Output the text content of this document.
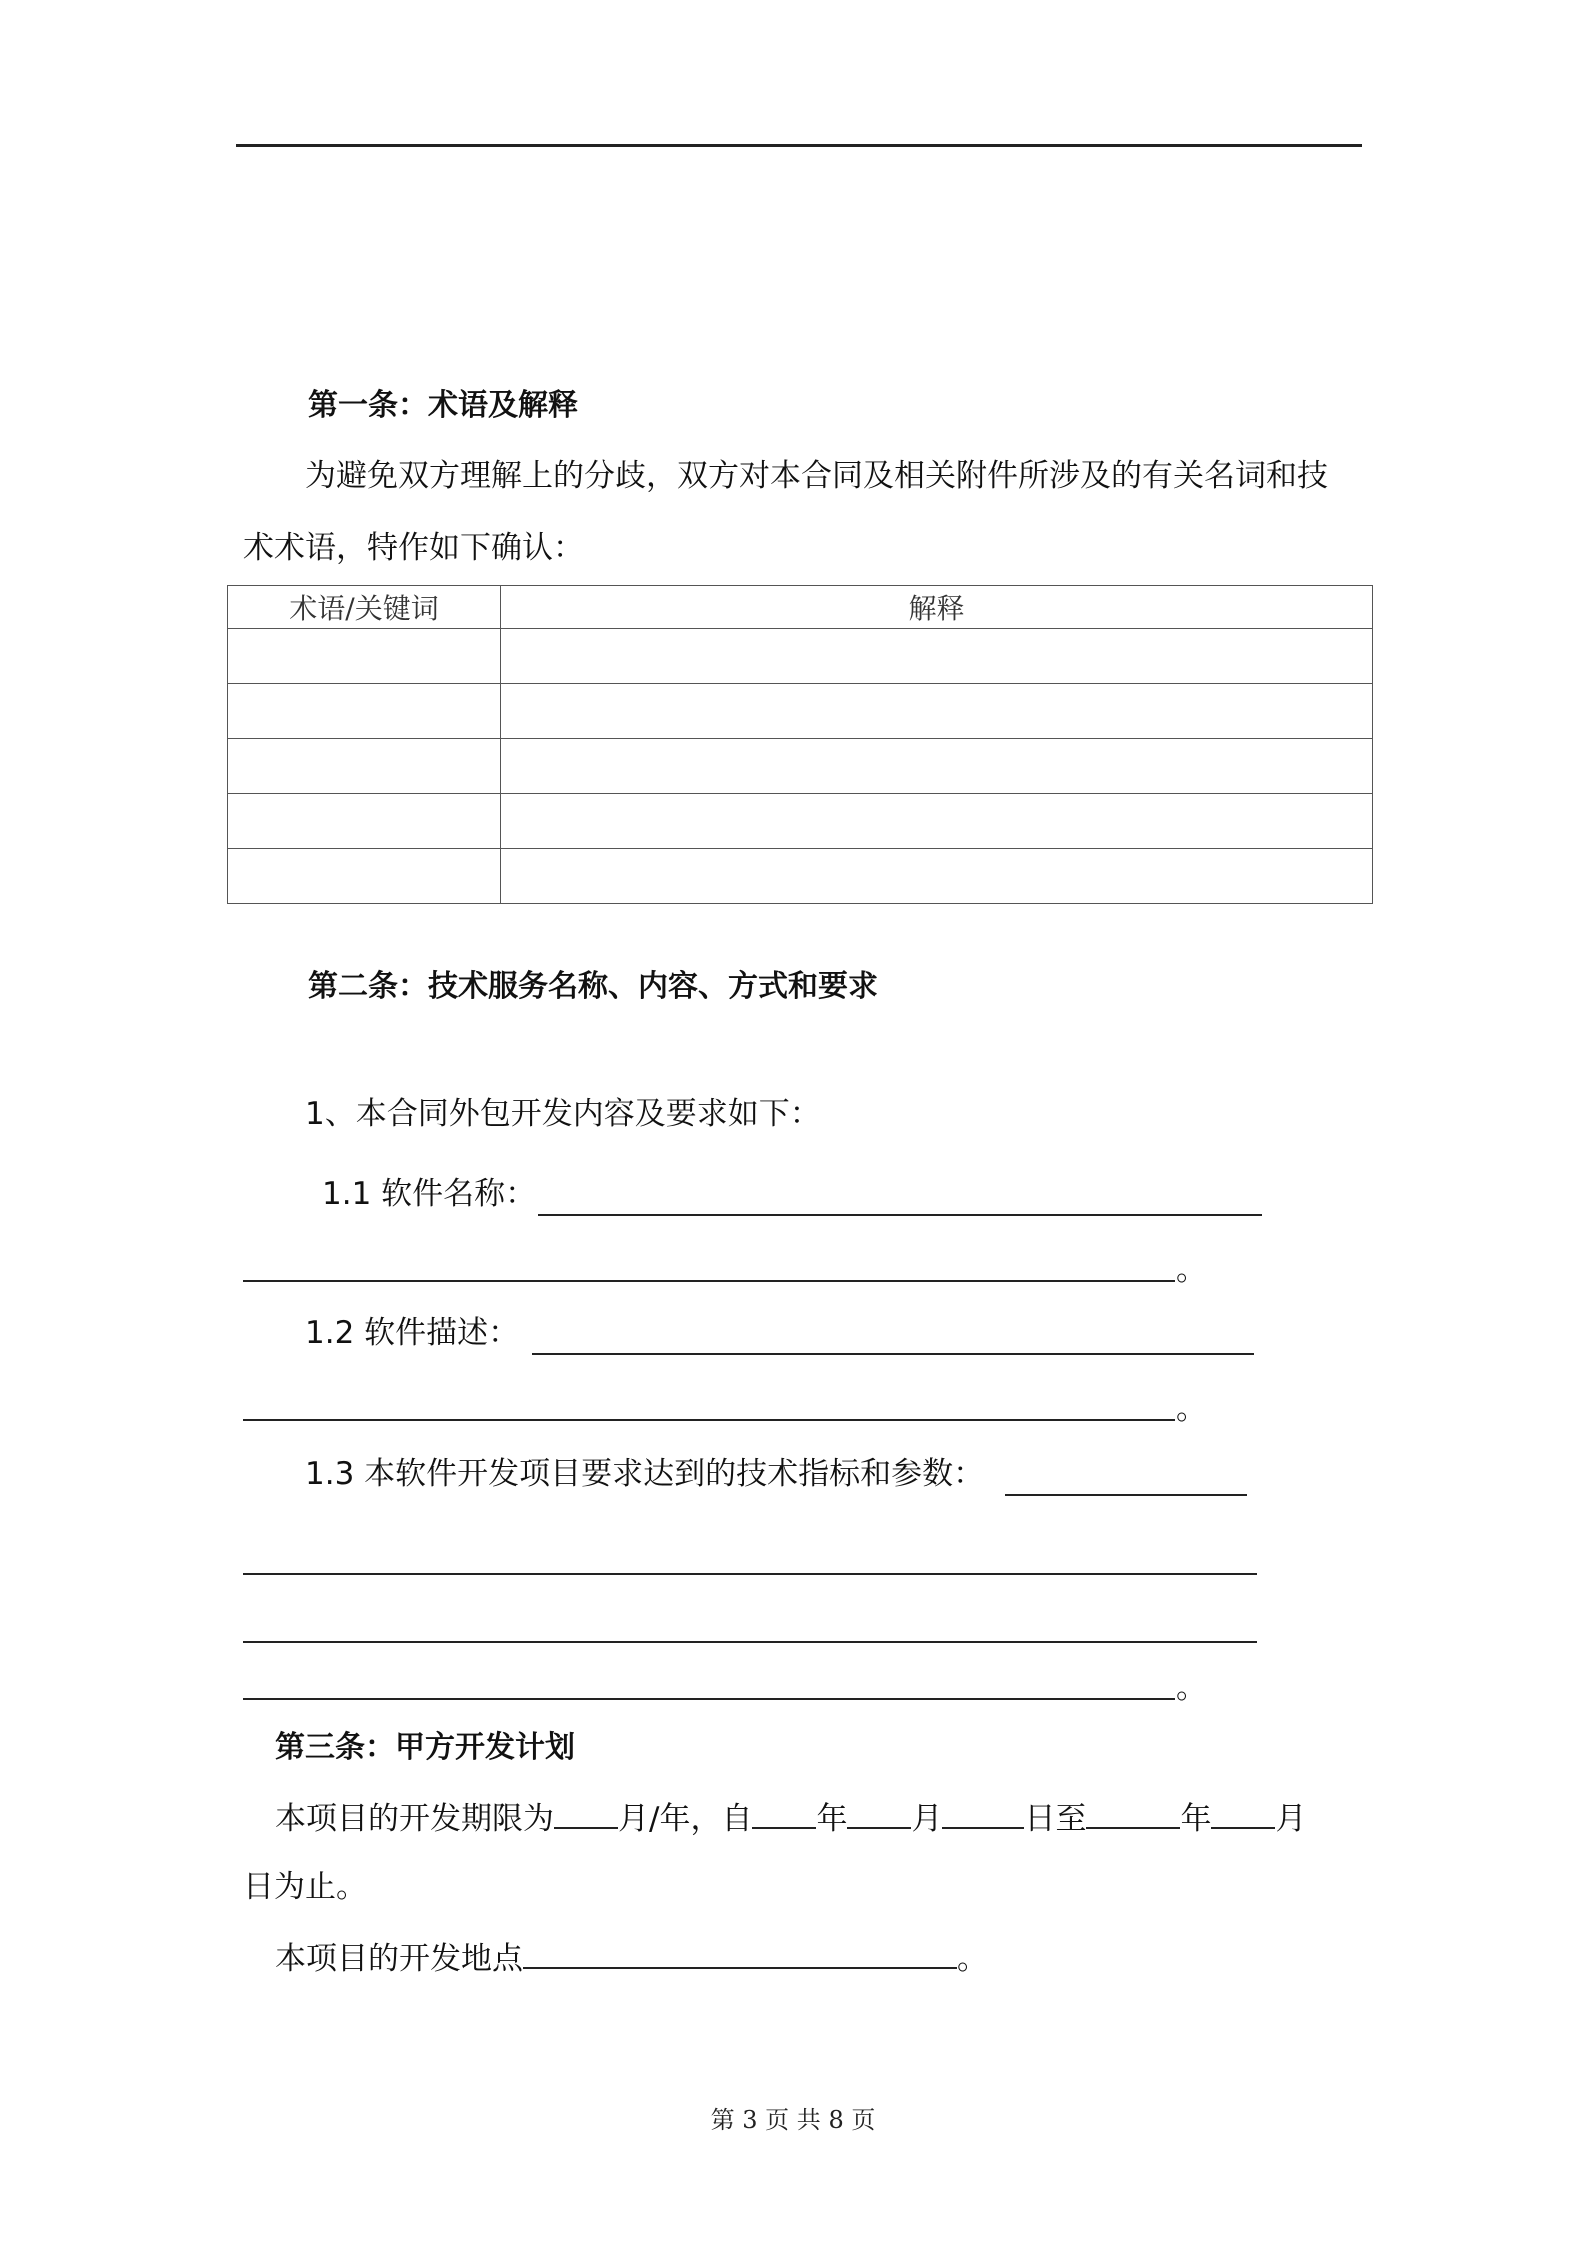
第一条：术语及解释
为避免双方理解上的分歧，双方对本合同及相关附件所涉及的有关名词和技
术术语，特作如下确认：
术语/关键词	解释

第二条：技术服务名称、内容、方式和要求
1、本合同外包开发内容及要求如下：
1.1 软件名称：
。
1.2 软件描述：
。
1.3 本软件开发项目要求达到的技术指标和参数：
。
第三条：甲方开发计划
本项目的开发期限为 月/年，自 年 月	日至	年 月
日为止。
本项目的开发地点	。
第 3 页 共 8 页
